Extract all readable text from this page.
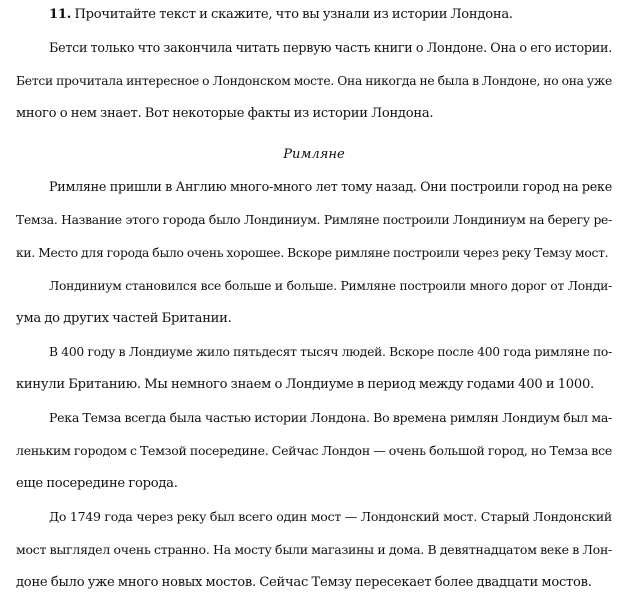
11. Прочитайте текст и скажите, что вы узнали из истории Лондона.
Бетси только что закончила читать первую часть книги о Лондоне. Она о его истории.
Бетси прочитала интересное о Лондонском мосте. Она никогда не была в Лондоне, но она уже
много о нем знает. Вот некоторые факты из истории Лондона.
Римляне
Римляне пришли в Англию много-много лет тому назад. Они построили город на реке
Темза. Название этого города было Лондиниум. Римляне построили Лондиниум на берегу ре-
ки. Место для города было очень хорошее. Вскоре римляне построили через реку Темзу мост.
Лондиниум становился все больше и больше. Римляне построили много дорог от Лонди-
ума до других частей Британии.
В 400 году в Лондиуме жило пятьдесят тысяч людей. Вскоре после 400 года римляне по-
кинули Британию. Мы немного знаем о Лондиуме в период между годами 400 и 1000.
Река Темза всегда была частью истории Лондона. Во времена римлян Лондиум был ма-
леньким городом с Темзой посередине. Сейчас Лондон — очень большой город, но Темза все
еще посередине города.
До 1749 года через реку был всего один мост — Лондонский мост. Старый Лондонский
мост выглядел очень странно. На мосту были магазины и дома. В девятнадцатом веке в Лон-
доне было уже много новых мостов. Сейчас Темзу пересекает более двадцати мостов.
